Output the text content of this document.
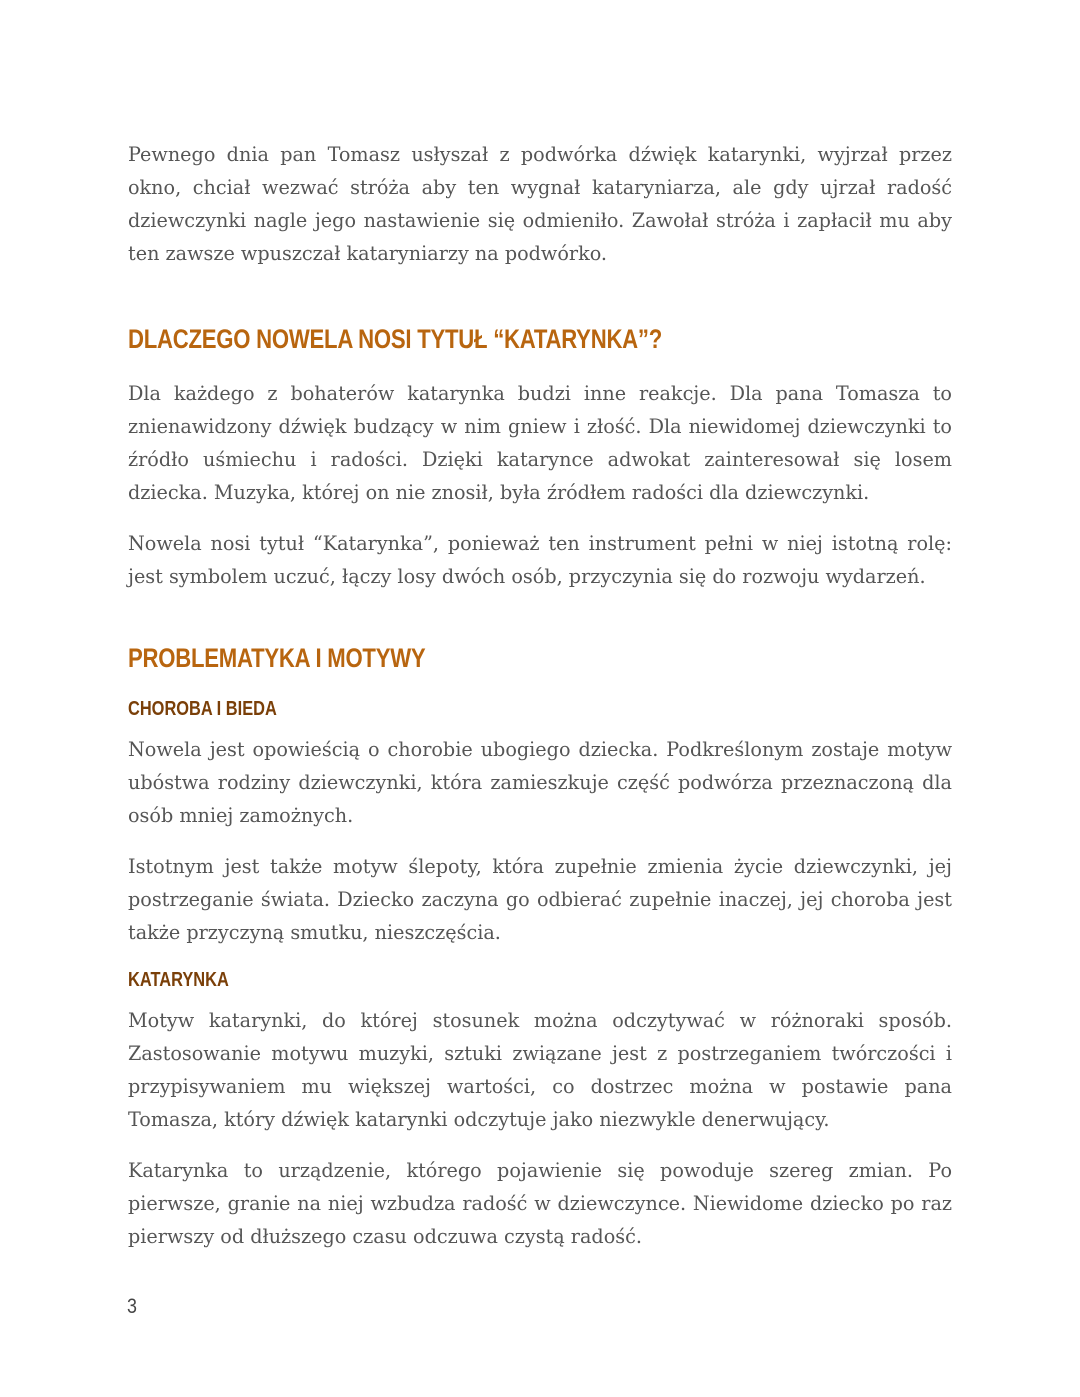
Pewnego dnia pan Tomasz usłyszał z podwórka dźwięk katarynki, wyjrzał przez okno, chciał wezwać stróża aby ten wygnał kataryniarza, ale gdy ujrzał radość dziewczynki nagle jego nastawienie się odmieniło. Zawołał stróża i zapłacił mu aby ten zawsze wpuszczał kataryniarzy na podwórko.

DLACZEGO NOWELA NOSI TYTUŁ “KATARYNKA”?

Dla każdego z bohaterów katarynka budzi inne reakcje. Dla pana Tomasza to znienawidzony dźwięk budzący w nim gniew i złość. Dla niewidomej dziewczynki to źródło uśmiechu i radości. Dzięki katarynce adwokat zainteresował się losem dziecka. Muzyka, której on nie znosił, była źródłem radości dla dziewczynki.

Nowela nosi tytuł “Katarynka”, ponieważ ten instrument pełni w niej istotną rolę: jest symbolem uczuć, łączy losy dwóch osób, przyczynia się do rozwoju wydarzeń.

PROBLEMATYKA I MOTYWY
CHOROBA I BIEDA

Nowela jest opowieścią o chorobie ubogiego dziecka. Podkreślonym zostaje motyw ubóstwa rodziny dziewczynki, która zamieszkuje część podwórza przeznaczoną dla osób mniej zamożnych.

Istotnym jest także motyw ślepoty, która zupełnie zmienia życie dziewczynki, jej postrzeganie świata. Dziecko zaczyna go odbierać zupełnie inaczej, jej choroba jest także przyczyną smutku, nieszczęścia.

KATARYNKA

Motyw katarynki, do której stosunek można odczytywać w różnoraki sposób. Zastosowanie motywu muzyki, sztuki związane jest z postrzeganiem twórczości i przypisywaniem mu większej wartości, co dostrzec można w postawie pana Tomasza, który dźwięk katarynki odczytuje jako niezwykle denerwujący.

Katarynka to urządzenie, którego pojawienie się powoduje szereg zmian. Po pierwsze, granie na niej wzbudza radość w dziewczynce. Niewidome dziecko po raz pierwszy od dłuższego czasu odczuwa czystą radość.

3
